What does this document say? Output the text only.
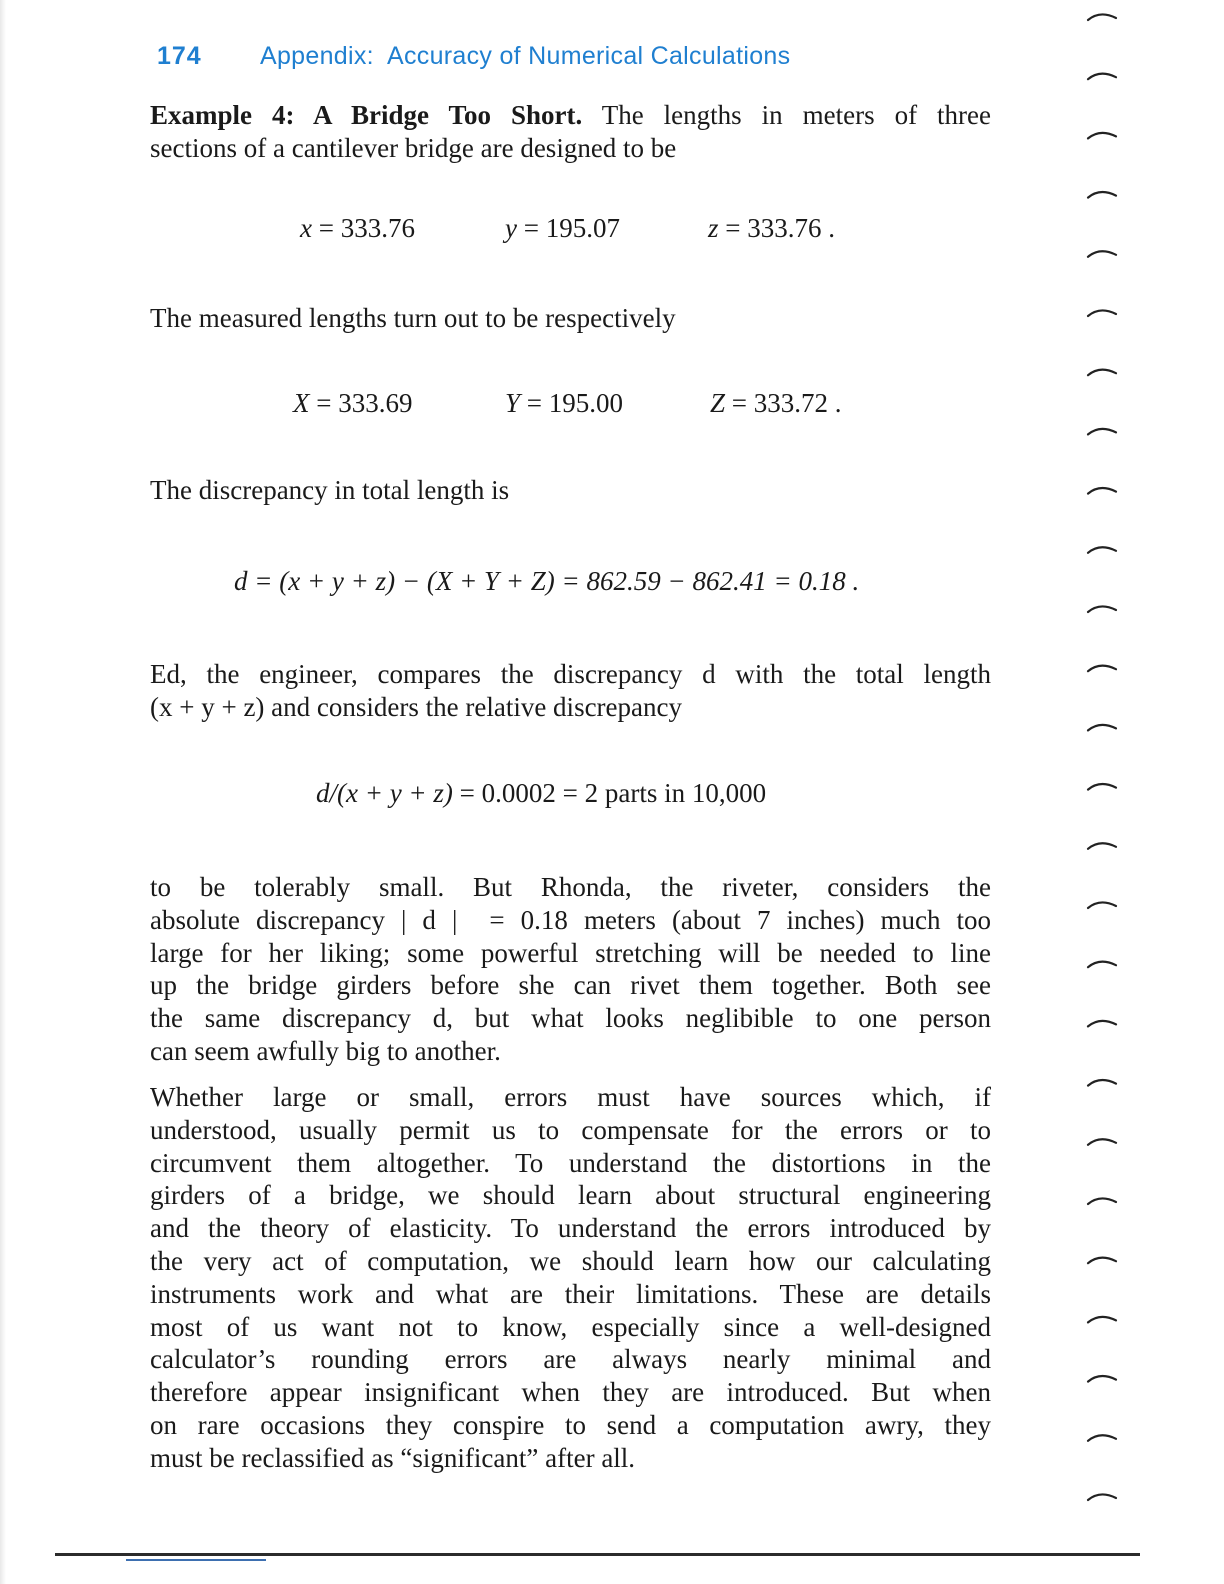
174 Appendix:  Accuracy of Numerical Calculations
Example 4: A Bridge Too Short. The lengths in meters of three
sections of a cantilever bridge are designed to be
x = 333.76	y = 195.07	z = 333.76 .
The measured lengths turn out to be respectively
X = 333.69	Y = 195.00	Z = 333.72 .
The discrepancy in total length is
d = (x + y + z) − (X + Y + Z) = 862.59 − 862.41 = 0.18 .
Ed, the engineer, compares the discrepancy d with the total length
(x + y + z) and considers the relative discrepancy
d/(x + y + z) = 0.0002 = 2 parts in 10,000
to be tolerably small. But Rhonda, the riveter, considers the
absolute discrepancy | d |  = 0.18 meters (about 7 inches) much too
large for her liking; some powerful stretching will be needed to line
up the bridge girders before she can rivet them together. Both see
the same discrepancy d, but what looks neglibible to one person
can seem awfully big to another.
Whether large or small, errors must have sources which, if
understood, usually permit us to compensate for the errors or to
circumvent them altogether. To understand the distortions in the
girders of a bridge, we should learn about structural engineering
and the theory of elasticity. To understand the errors introduced by
the very act of computation, we should learn how our calculating
instruments work and what are their limitations. These are details
most of us want not to know, especially since a well-designed
calculator’s rounding errors are always nearly minimal and
therefore appear insignificant when they are introduced. But when
on rare occasions they conspire to send a computation awry, they
must be reclassified as “significant” after all.
